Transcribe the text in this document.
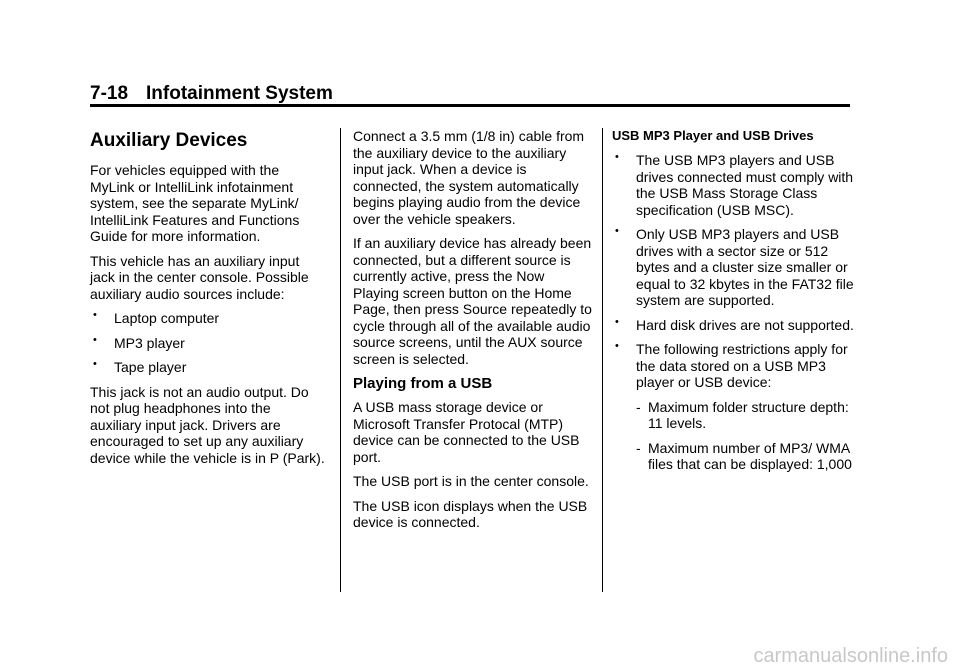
7-18 Infotainment System
Auxiliary Devices

For vehicles equipped with the MyLink or IntelliLink infotainment system, see the separate MyLink/ IntelliLink Features and Functions Guide for more information.

This vehicle has an auxiliary input jack in the center console. Possible auxiliary audio sources include:

• Laptop computer
• MP3 player
• Tape player

This jack is not an audio output. Do not plug headphones into the auxiliary input jack. Drivers are encouraged to set up any auxiliary device while the vehicle is in P (Park).

Connect a 3.5 mm (1/8 in) cable from the auxiliary device to the auxiliary input jack. When a device is connected, the system automatically begins playing audio from the device over the vehicle speakers.

If an auxiliary device has already been connected, but a different source is currently active, press the Now Playing screen button on the Home Page, then press Source repeatedly to cycle through all of the available audio source screens, until the AUX source screen is selected.

Playing from a USB

A USB mass storage device or Microsoft Transfer Protocal (MTP) device can be connected to the USB port.

The USB port is in the center console.

The USB icon displays when the USB device is connected.

USB MP3 Player and USB Drives
• The USB MP3 players and USB drives connected must comply with the USB Mass Storage Class specification (USB MSC).
• Only USB MP3 players and USB drives with a sector size or 512 bytes and a cluster size smaller or equal to 32 kbytes in the FAT32 file system are supported.
• Hard disk drives are not supported.
• The following restrictions apply for the data stored on a USB MP3 player or USB device:
- Maximum folder structure depth: 11 levels.
- Maximum number of MP3/ WMA files that can be displayed: 1,000
carmanualsonline.info
